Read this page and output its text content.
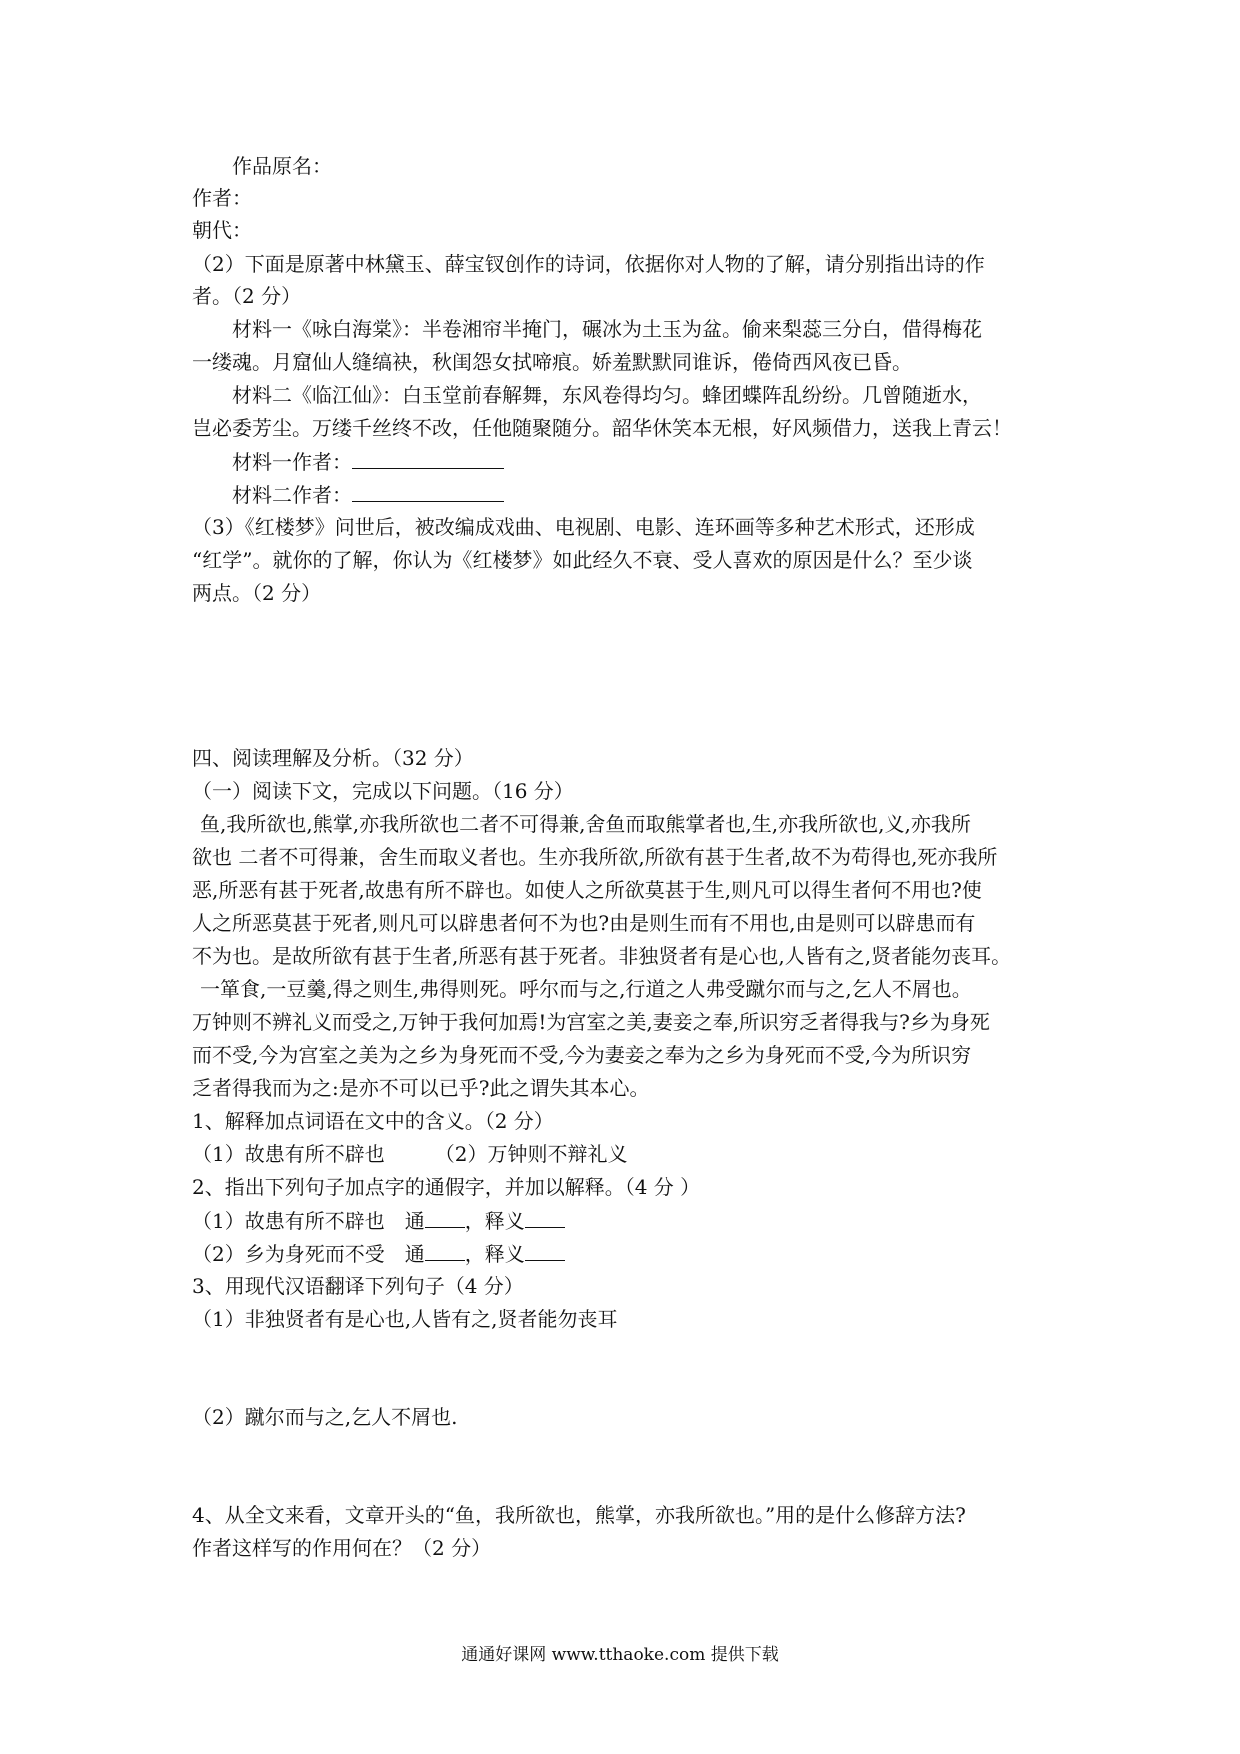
作品原名：
作者：
朝代：
（2）下面是原著中林黛玉、薛宝钗创作的诗词，依据你对人物的了解，请分别指出诗的作
者。（2 分）
材料一《咏白海棠》：半卷湘帘半掩门，碾冰为土玉为盆。偷来梨蕊三分白，借得梅花
一缕魂。月窟仙人缝缟袂，秋闺怨女拭啼痕。娇羞默默同谁诉，倦倚西风夜已昏。
材料二《临江仙》：白玉堂前春解舞，东风卷得均匀。蜂团蝶阵乱纷纷。几曾随逝水，
岂必委芳尘。万缕千丝终不改，任他随聚随分。韶华休笑本无根，好风频借力，送我上青云！
材料一作者：
材料二作者：
（3）《红楼梦》问世后，被改编成戏曲、电视剧、电影、连环画等多种艺术形式，还形成
“红学”。就你的了解，你认为《红楼梦》如此经久不衰、受人喜欢的原因是什么？至少谈
两点。（2 分）
四、阅读理解及分析。（32 分）
（一）阅读下文，完成以下问题。（16 分）
鱼,我所欲也,熊掌,亦我所欲也二者不可得兼,舍鱼而取熊掌者也,生,亦我所欲也,义,亦我所
欲也 二者不可得兼，舍生而取义者也。生亦我所欲,所欲有甚于生者,故不为苟得也,死亦我所
恶,所恶有甚于死者,故患有所不辟也。如使人之所欲莫甚于生,则凡可以得生者何不用也?使
人之所恶莫甚于死者,则凡可以辟患者何不为也?由是则生而有不用也,由是则可以辟患而有
不为也。是故所欲有甚于生者,所恶有甚于死者。非独贤者有是心也,人皆有之,贤者能勿丧耳。
一箪食,一豆羹,得之则生,弗得则死。呼尔而与之,行道之人弗受蹴尔而与之,乞人不屑也。
万钟则不辨礼义而受之,万钟于我何加焉!为宫室之美,妻妾之奉,所识穷乏者得我与?乡为身死
而不受,今为宫室之美为之乡为身死而不受,今为妻妾之奉为之乡为身死而不受,今为所识穷
乏者得我而为之:是亦不可以已乎?此之谓失其本心。
1、解释加点词语在文中的含义。（2 分）
（1）故患有所不辟也　　　（2）万钟则不辩礼义
2、指出下列句子加点字的通假字，并加以解释。（4 分 ）
（1）故患有所不辟也　通 ，释义
（2）乡为身死而不受　通 ，释义
3、用现代汉语翻译下列句子（4 分）
（1）非独贤者有是心也,人皆有之,贤者能勿丧耳
（2）蹴尔而与之,乞人不屑也.
4、从全文来看，文章开头的“鱼，我所欲也，熊掌，亦我所欲也。”用的是什么修辞方法?
作者这样写的作用何在？（2 分）
通通好课网 www.tthaoke.com 提供下载
